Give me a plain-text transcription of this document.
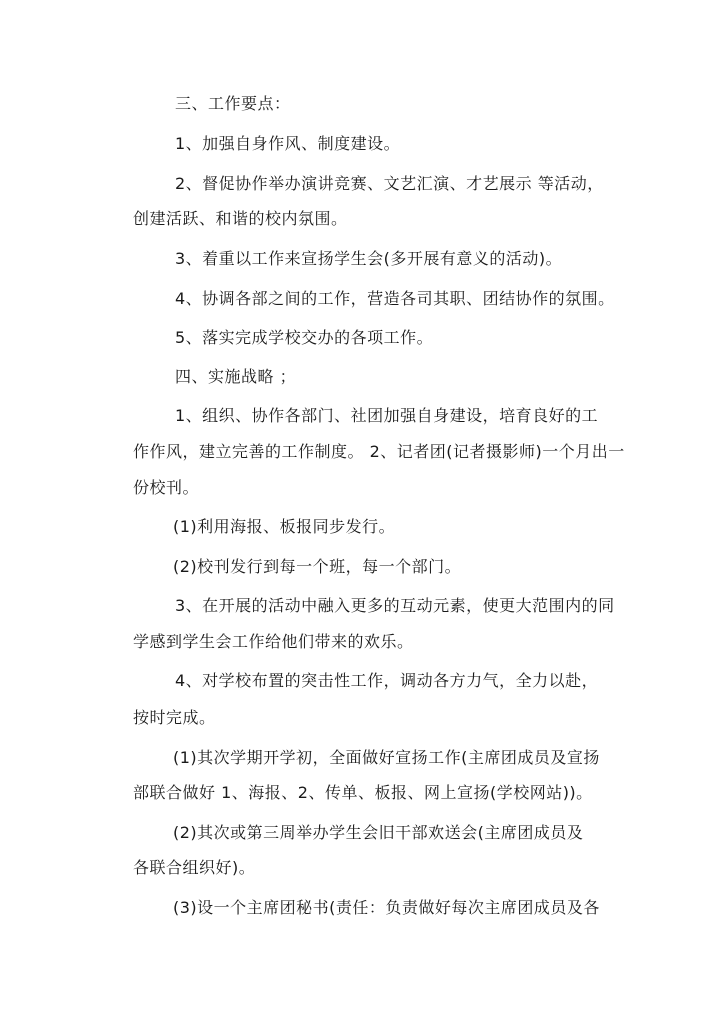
三、工作要点：
1、加强自身作风、制度建设。
2、督促协作举办演讲竞赛、文艺汇演、才艺展示 等活动，
创建活跃、和谐的校内氛围。
3、着重以工作来宣扬学生会(多开展有意义的活动)。
4、协调各部之间的工作，营造各司其职、团结协作的氛围。
5、落实完成学校交办的各项工作。
四、实施战略 ；
1、组织、协作各部门、社团加强自身建设，培育良好的工
作作风，建立完善的工作制度。 2、记者团(记者摄影师)一个月出一
份校刊。
(1)利用海报、板报同步发行。
(2)校刊发行到每一个班，每一个部门。
3、在开展的活动中融入更多的互动元素，使更大范围内的同
学感到学生会工作给他们带来的欢乐。
4、对学校布置的突击性工作，调动各方力气，全力以赴，
按时完成。
(1)其次学期开学初，全面做好宣扬工作(主席团成员及宣扬
部联合做好 1、海报、2、传单、板报、网上宣扬(学校网站))。
(2)其次或第三周举办学生会旧干部欢送会(主席团成员及
各联合组织好)。
(3)设一个主席团秘书(责任：负责做好每次主席团成员及各
